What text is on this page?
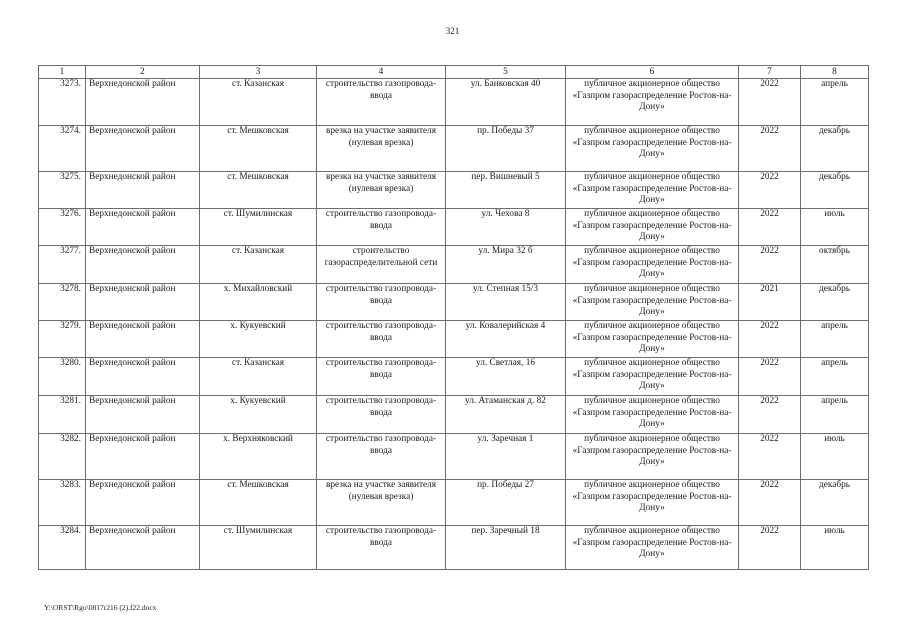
321
1	2	3	4	5	6	7	8
3273.	Верхнедонской район	ст. Казанская	строительство газопровода-ввода	ул. Банковская 40	публичное акционерное общество «Газпром газораспределение Ростов-на-Дону»	2022	апрель
3274.	Верхнедонской район	ст. Мешковская	врезка на участке заявителя (нулевая врезка)	пр. Победы 37	публичное акционерное общество «Газпром газораспределение Ростов-на-Дону»	2022	декабрь
3275.	Верхнедонской район	ст. Мешковская	врезка на участке заявителя (нулевая врезка)	пер. Вишневый 5	публичное акционерное общество «Газпром газораспределение Ростов-на-Дону»	2022	декабрь
3276.	Верхнедонской район	ст. Шумилинская	строительство газопровода-ввода	ул. Чехова 8	публичное акционерное общество «Газпром газораспределение Ростов-на-Дону»	2022	июль
3277.	Верхнедонской район	ст. Казанская	строительство газораспределительной сети	ул. Мира 32 б	публичное акционерное общество «Газпром газораспределение Ростов-на-Дону»	2022	октябрь
3278.	Верхнедонской район	х. Михайловский	строительство газопровода-ввода	ул. Степная 15/3	публичное акционерное общество «Газпром газораспределение Ростов-на-Дону»	2021	декабрь
3279.	Верхнедонской район	х. Кукуевский	строительство газопровода-ввода	ул. Ковалерийская 4	публичное акционерное общество «Газпром газораспределение Ростов-на-Дону»	2022	апрель
3280.	Верхнедонской район	ст. Казанская	строительство газопровода-ввода	ул. Светлая, 16	публичное акционерное общество «Газпром газораспределение Ростов-на-Дону»	2022	апрель
3281.	Верхнедонской район	х. Кукуевский	строительство газопровода-ввода	ул. Атаманская д. 82	публичное акционерное общество «Газпром газораспределение Ростов-на-Дону»	2022	апрель
3282.	Верхнедонской район	х. Верхняковский	строительство газопровода-ввода	ул. Заречная 1	публичное акционерное общество «Газпром газораспределение Ростов-на-Дону»	2022	июль
3283.	Верхнедонской район	ст. Мешковская	врезка на участке заявителя (нулевая врезка)	пр. Победы 27	публичное акционерное общество «Газпром газораспределение Ростов-на-Дону»	2022	декабрь
3284.	Верхнедонской район	ст. Шумилинская	строительство газопровода-ввода	пер. Заречный 18	публичное акционерное общество «Газпром газораспределение Ростов-на-Дону»	2022	июль
Y:\ORST\Rgo\0817r216 (2).f22.docx
